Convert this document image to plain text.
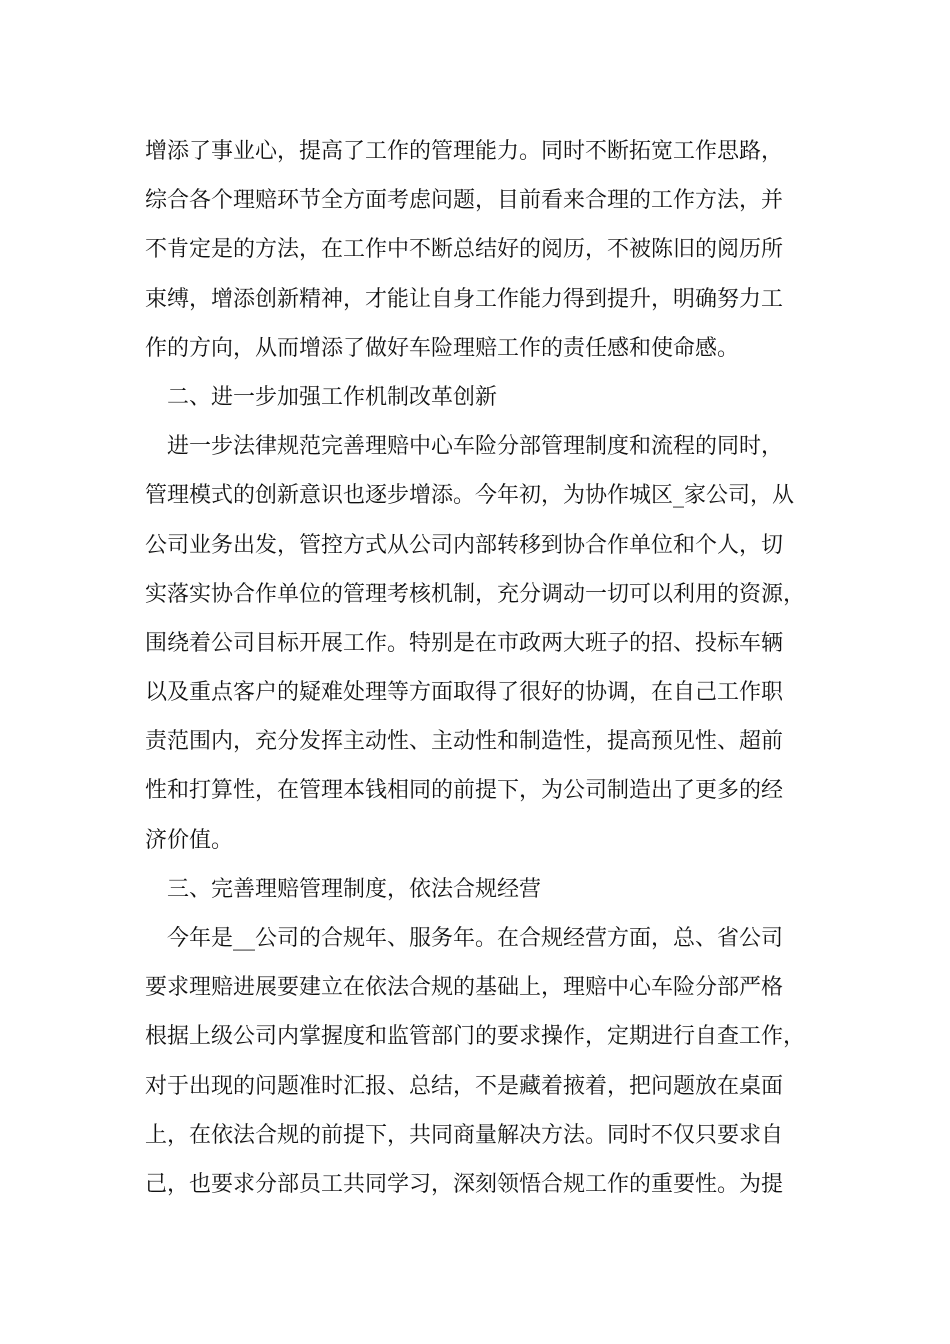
增添了事业心，提高了工作的管理能力。同时不断拓宽工作思路，
综合各个理赔环节全方面考虑问题，目前看来合理的工作方法，并
不肯定是的方法，在工作中不断总结好的阅历，不被陈旧的阅历所
束缚，增添创新精神，才能让自身工作能力得到提升，明确努力工
作的方向，从而增添了做好车险理赔工作的责任感和使命感。
二、进一步加强工作机制改革创新
进一步法律规范完善理赔中心车险分部管理制度和流程的同时，
管理模式的创新意识也逐步增添。今年初，为协作城区_家公司，从
公司业务出发，管控方式从公司内部转移到协合作单位和个人，切
实落实协合作单位的管理考核机制，充分调动一切可以利用的资源，
围绕着公司目标开展工作。特别是在市政两大班子的招、投标车辆
以及重点客户的疑难处理等方面取得了很好的协调，在自己工作职
责范围内，充分发挥主动性、主动性和制造性，提高预见性、超前
性和打算性，在管理本钱相同的前提下，为公司制造出了更多的经
济价值。
三、完善理赔管理制度，依法合规经营
今年是__公司的合规年、服务年。在合规经营方面，总、省公司
要求理赔进展要建立在依法合规的基础上，理赔中心车险分部严格
根据上级公司内掌握度和监管部门的要求操作，定期进行自查工作，
对于出现的问题准时汇报、总结，不是藏着掖着，把问题放在桌面
上，在依法合规的前提下，共同商量解决方法。同时不仅只要求自
己，也要求分部员工共同学习，深刻领悟合规工作的重要性。为提
